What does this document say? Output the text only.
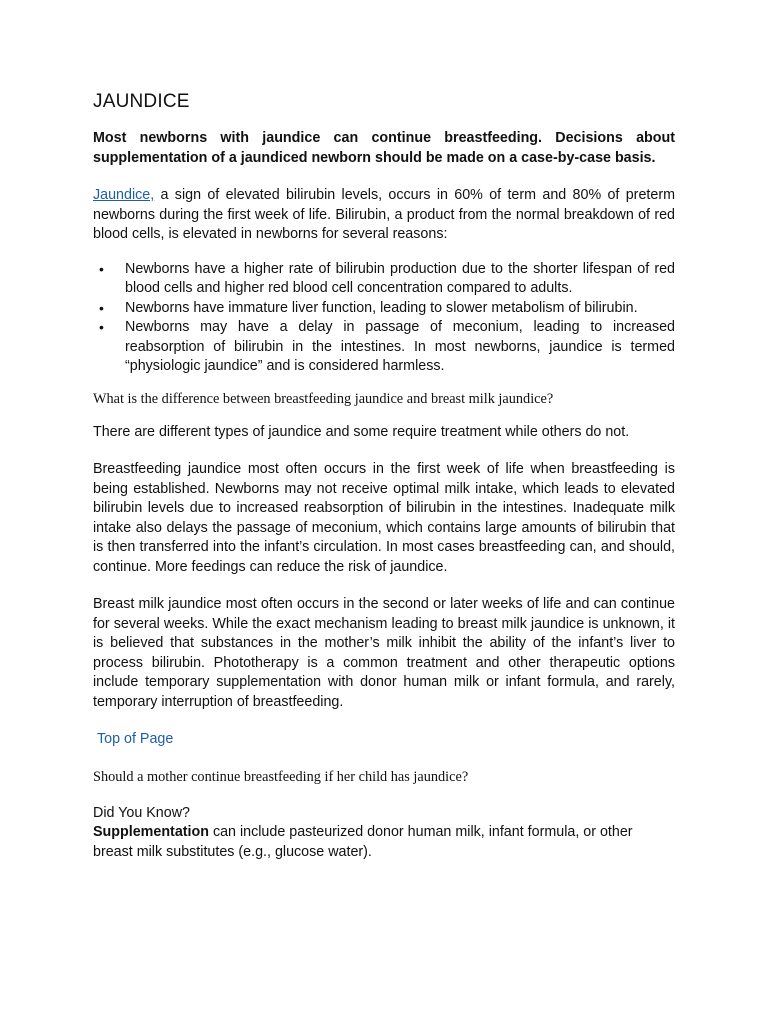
JAUNDICE

Most newborns with jaundice can continue breastfeeding. Decisions about supplementation of a jaundiced newborn should be made on a case-by-case basis.

Jaundice, a sign of elevated bilirubin levels, occurs in 60% of term and 80% of preterm newborns during the first week of life. Bilirubin, a product from the normal breakdown of red blood cells, is elevated in newborns for several reasons:

• Newborns have a higher rate of bilirubin production due to the shorter lifespan of red blood cells and higher red blood cell concentration compared to adults.
• Newborns have immature liver function, leading to slower metabolism of bilirubin.
• Newborns may have a delay in passage of meconium, leading to increased reabsorption of bilirubin in the intestines. In most newborns, jaundice is termed “physiologic jaundice” and is considered harmless.

What is the difference between breastfeeding jaundice and breast milk jaundice?

There are different types of jaundice and some require treatment while others do not.

Breastfeeding jaundice most often occurs in the first week of life when breastfeeding is being established. Newborns may not receive optimal milk intake, which leads to elevated bilirubin levels due to increased reabsorption of bilirubin in the intestines. Inadequate milk intake also delays the passage of meconium, which contains large amounts of bilirubin that is then transferred into the infant’s circulation. In most cases breastfeeding can, and should, continue. More feedings can reduce the risk of jaundice.

Breast milk jaundice most often occurs in the second or later weeks of life and can continue for several weeks. While the exact mechanism leading to breast milk jaundice is unknown, it is believed that substances in the mother’s milk inhibit the ability of the infant’s liver to process bilirubin. Phototherapy is a common treatment and other therapeutic options include temporary supplementation with donor human milk or infant formula, and rarely, temporary interruption of breastfeeding.

Top of Page

Should a mother continue breastfeeding if her child has jaundice?

Did You Know?

Supplementation can include pasteurized donor human milk, infant formula, or other breast milk substitutes (e.g., glucose water).
